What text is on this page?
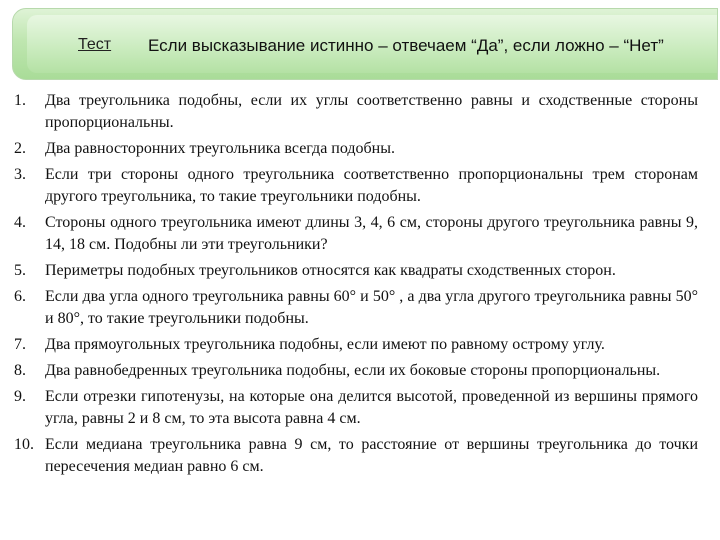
Тест Если высказывание истинно – отвечаем “Да”, если ложно – “Нет”
1.	Два треугольника подобны, если их углы соответственно равны и сходственные стороны пропорциональны.
2.	Два равносторонних треугольника всегда подобны.
3.	Если три стороны одного треугольника соответственно пропорциональны трем сторонам другого треугольника, то такие треугольники подобны.
4.	Стороны одного треугольника имеют длины 3, 4, 6 см, стороны другого треугольника равны 9, 14, 18 см. Подобны ли эти треугольники?
5.	Периметры подобных треугольников относятся как квадраты сходственных сторон.
6.	Если два угла одного треугольника равны 60° и 50° , а два угла другого треугольника равны 50° и 80°, то такие треугольники подобны.
7.	Два прямоугольных треугольника подобны, если имеют по равному острому углу.
8.	Два равнобедренных треугольника подобны, если их боковые стороны пропорциональны.
9.	Если отрезки гипотенузы, на которые она делится высотой, проведенной из вершины прямого угла, равны 2 и 8 см, то эта высота равна 4 см.
10. Если медиана треугольника равна 9 см, то расстояние от вершины треугольника до точки пересечения медиан равно 6 см.
